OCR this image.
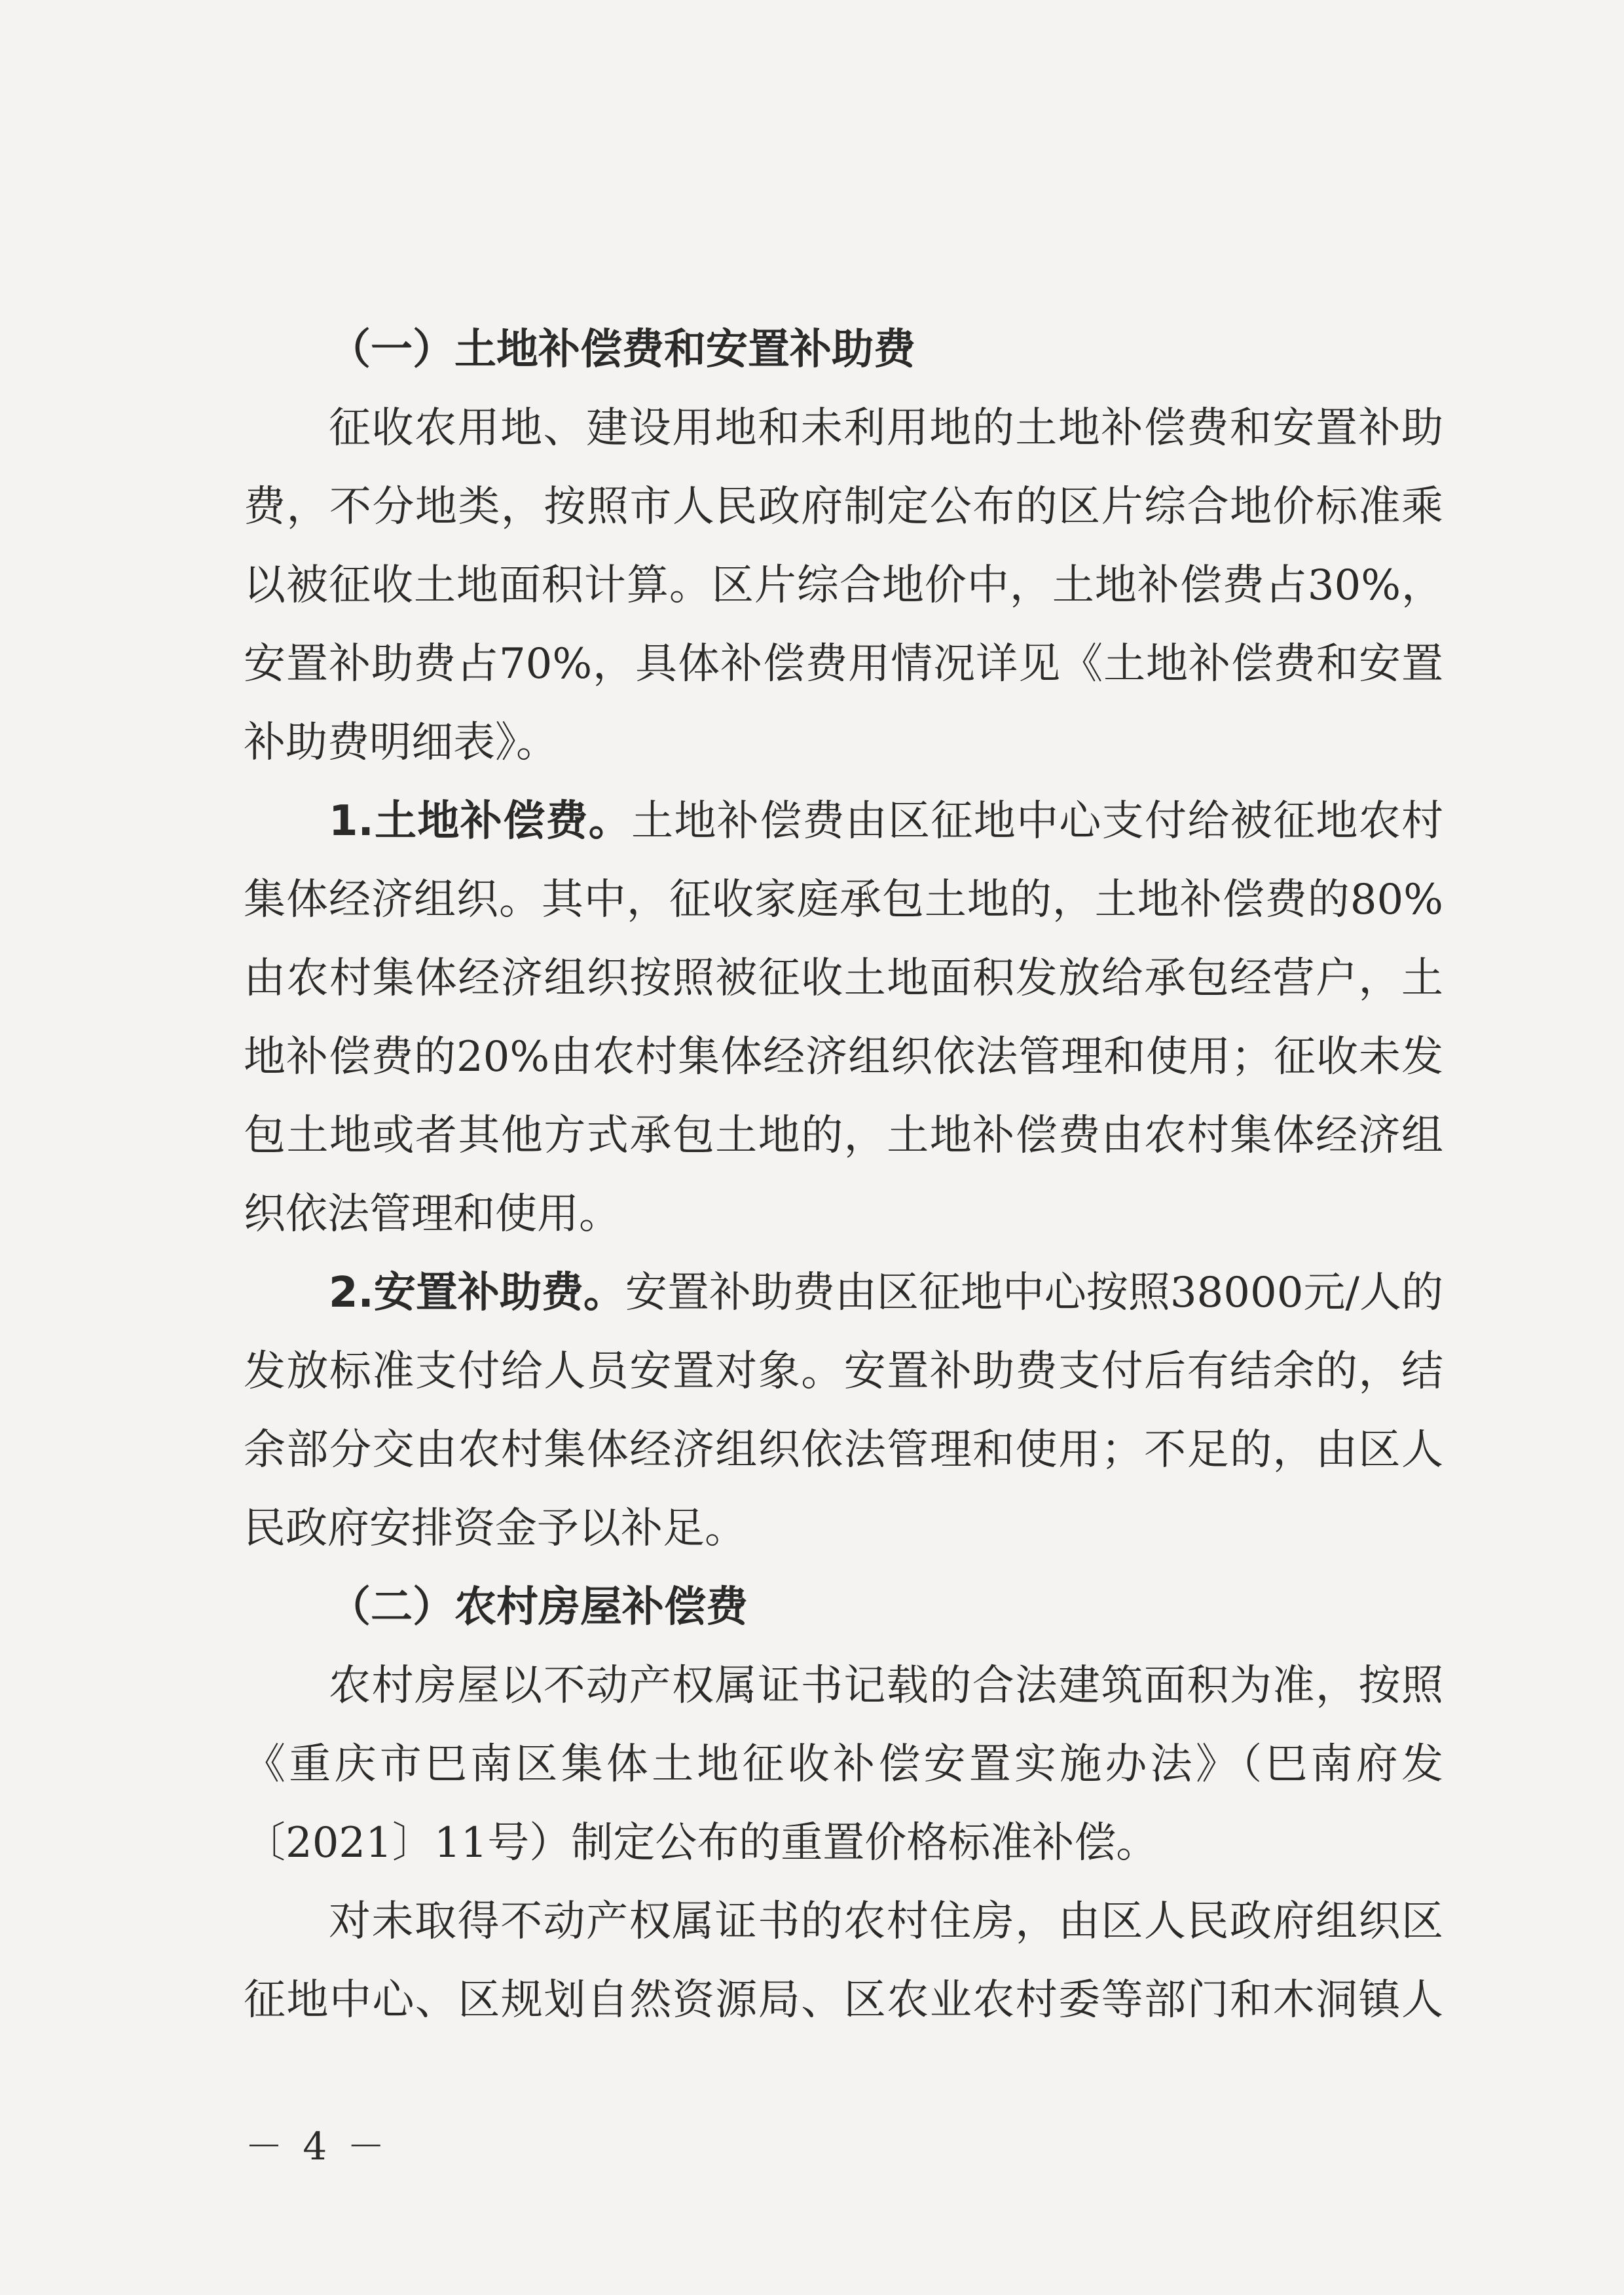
（一）土地补偿费和安置补助费
征收农用地、建设用地和未利用地的土地补偿费和安置补助
费，不分地类，按照市人民政府制定公布的区片综合地价标准乘
以被征收土地面积计算。区片综合地价中，土地补偿费占30%，
安置补助费占70%，具体补偿费用情况详见《土地补偿费和安置
补助费明细表》。
1.土地补偿费。土地补偿费由区征地中心支付给被征地农村
集体经济组织。其中，征收家庭承包土地的，土地补偿费的80%
由农村集体经济组织按照被征收土地面积发放给承包经营户，土
地补偿费的20%由农村集体经济组织依法管理和使用；征收未发
包土地或者其他方式承包土地的，土地补偿费由农村集体经济组
织依法管理和使用。
2.安置补助费。安置补助费由区征地中心按照38000元/人的
发放标准支付给人员安置对象。安置补助费支付后有结余的，结
余部分交由农村集体经济组织依法管理和使用；不足的，由区人
民政府安排资金予以补足。
（二）农村房屋补偿费
农村房屋以不动产权属证书记载的合法建筑面积为准，按照
《重庆市巴南区集体土地征收补偿安置实施办法》（巴南府发
〔2021〕11号）制定公布的重置价格标准补偿。
对未取得不动产权属证书的农村住房，由区人民政府组织区
征地中心、区规划自然资源局、区农业农村委等部门和木洞镇人
－ 4 －
